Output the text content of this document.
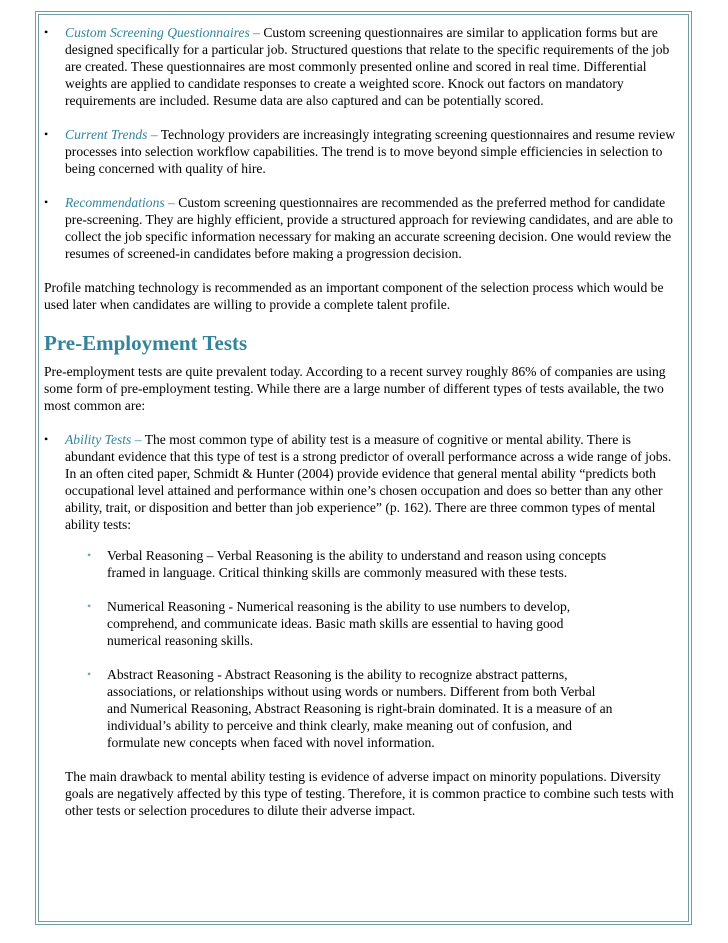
•	Custom Screening Questionnaires – Custom screening questionnaires are similar to application forms but are designed specifically for a particular job. Structured questions that relate to the specific requirements of the job are created. These questionnaires are most commonly presented online and scored in real time. Differential weights are applied to candidate responses to create a weighted score. Knock out factors on mandatory requirements are included. Resume data are also captured and can be potentially scored.

•	Current Trends – Technology providers are increasingly integrating screening questionnaires and resume review processes into selection workflow capabilities. The trend is to move beyond simple efficiencies in selection to being concerned with quality of hire.

•	Recommendations – Custom screening questionnaires are recommended as the preferred method for candidate pre-screening. They are highly efficient, provide a structured approach for reviewing candidates, and are able to collect the job specific information necessary for making an accurate screening decision. One would review the resumes of screened-in candidates before making a progression decision.

Profile matching technology is recommended as an important component of the selection process which would be used later when candidates are willing to provide a complete talent profile.

Pre-Employment Tests

Pre-employment tests are quite prevalent today. According to a recent survey roughly 86% of companies are using some form of pre-employment testing. While there are a large number of different types of tests available, the two most common are:

•	Ability Tests – The most common type of ability test is a measure of cognitive or mental ability. There is abundant evidence that this type of test is a strong predictor of overall performance across a wide range of jobs. In an often cited paper, Schmidt & Hunter (2004) provide evidence that general mental ability “predicts both occupational level attained and performance within one’s chosen occupation and does so better than any other ability, trait, or disposition and better than job experience” (p. 162). There are three common types of mental ability tests:

• Verbal Reasoning – Verbal Reasoning is the ability to understand and reason using concepts framed in language. Critical thinking skills are commonly measured with these tests.

• Numerical Reasoning - Numerical reasoning is the ability to use numbers to develop, comprehend, and communicate ideas. Basic math skills are essential to having good numerical reasoning skills.

• Abstract Reasoning - Abstract Reasoning is the ability to recognize abstract patterns, associations, or relationships without using words or numbers. Different from both Verbal and Numerical Reasoning, Abstract Reasoning is right-brain dominated. It is a measure of an individual’s ability to perceive and think clearly, make meaning out of confusion, and formulate new concepts when faced with novel information.

The main drawback to mental ability testing is evidence of adverse impact on minority populations. Diversity goals are negatively affected by this type of testing. Therefore, it is common practice to combine such tests with other tests or selection procedures to dilute their adverse impact.
